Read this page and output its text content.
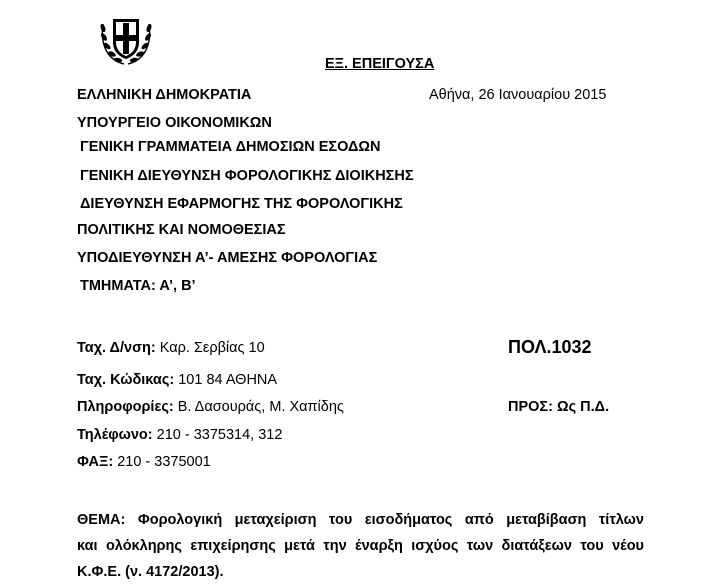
ΕΞ. ΕΠΕΙΓΟΥΣΑ
Αθήνα, 26 Ιανουαρίου 2015
ΕΛΛΗΝΙΚΗ ΔΗΜΟΚΡΑΤΙΑ
ΥΠΟΥΡΓΕΙΟ ΟΙΚΟΝΟΜΙΚΩΝ
ΓΕΝΙΚΗ ΓΡΑΜΜΑΤΕΙΑ ΔΗΜΟΣΙΩΝ ΕΣΟΔΩΝ
ΓΕΝΙΚΗ ΔΙΕΥΘΥΝΣΗ ΦΟΡΟΛΟΓΙΚΗΣ ΔΙΟΙΚΗΣΗΣ
ΔΙΕΥΘΥΝΣΗ ΕΦΑΡΜΟΓΗΣ ΤΗΣ ΦΟΡΟΛΟΓΙΚΗΣ
ΠΟΛΙΤΙΚΗΣ ΚΑΙ ΝΟΜΟΘΕΣΙΑΣ
ΥΠΟΔΙΕΥΘΥΝΣΗ Α’- ΑΜΕΣΗΣ ΦΟΡΟΛΟΓΙΑΣ
ΤΜΗΜΑΤΑ: Α’, Β’
Ταχ. Δ/νση: Καρ. Σερβίας 10
Ταχ. Κώδικας: 101 84 ΑΘΗΝΑ
Πληροφορίες: Β. Δασουράς, Μ. Χαπίδης
Τηλέφωνο: 210 - 3375314, 312
ΦΑΞ: 210 - 3375001
ΠΟΛ.1032
ΠΡΟΣ: Ως Π.Δ.

ΘΕΜΑ: Φορολογική μεταχείριση του εισοδήματος από μεταβίβαση τίτλων

και ολόκληρης επιχείρησης μετά την έναρξη ισχύος των διατάξεων του νέου

Κ.Φ.Ε. (ν. 4172/2013).
